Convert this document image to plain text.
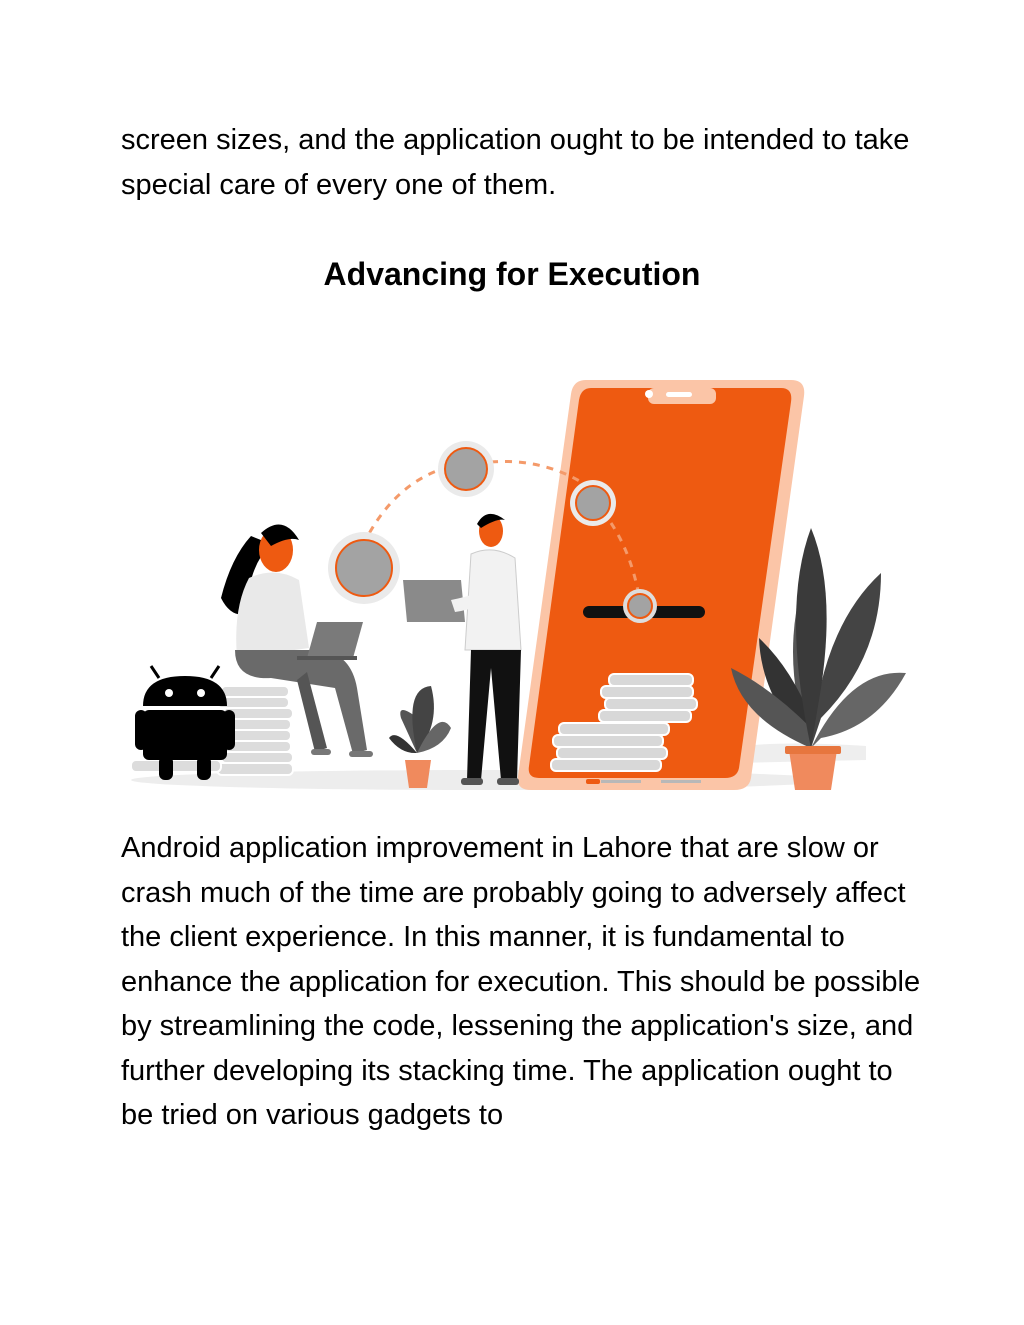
screen sizes, and the application ought to be intended to take special care of every one of them.

Advancing for Execution

Android application improvement in Lahore that are slow or crash much of the time are probably going to adversely affect the client experience. In this manner, it is fundamental to enhance the application for execution. This should be possible by streamlining the code, lessening the application's size, and further developing its stacking time. The application ought to be tried on various gadgets to
